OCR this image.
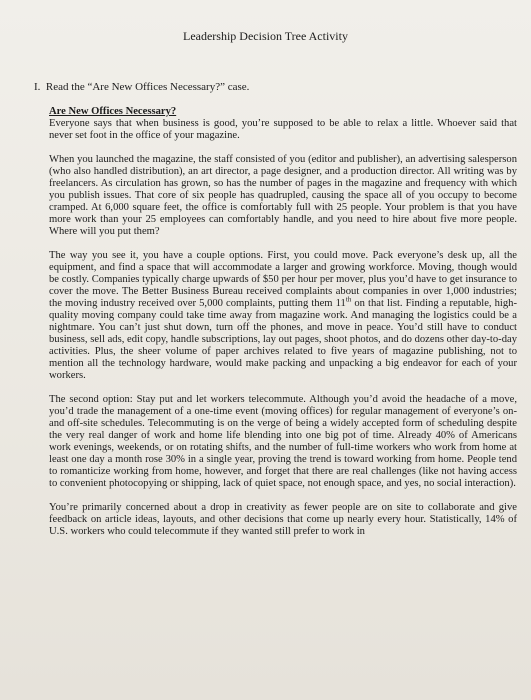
Leadership Decision Tree Activity
I. Read the “Are New Offices Necessary?” case.
Are New Offices Necessary?

Everyone says that when business is good, you’re supposed to be able to relax a little. Whoever said that never set foot in the office of your magazine.

When you launched the magazine, the staff consisted of you (editor and publisher), an advertising salesperson (who also handled distribution), an art director, a page designer, and a production director. All writing was by freelancers. As circulation has grown, so has the number of pages in the magazine and frequency with which you publish issues. That core of six people has quadrupled, causing the space all of you occupy to become cramped. At 6,000 square feet, the office is comfortably full with 25 people. Your problem is that you have more work than your 25 employees can comfortably handle, and you need to hire about five more people. Where will you put them?

The way you see it, you have a couple options. First, you could move. Pack everyone’s desk up, all the equipment, and find a space that will accommodate a larger and growing workforce. Moving, though would be costly. Companies typically charge upwards of $50 per hour per mover, plus you’d have to get insurance to cover the move. The Better Business Bureau received complaints about companies in over 1,000 industries; the moving industry received over 5,000 complaints, putting them 11th on that list. Finding a reputable, high-quality moving company could take time away from magazine work. And managing the logistics could be a nightmare. You can’t just shut down, turn off the phones, and move in peace. You’d still have to conduct business, sell ads, edit copy, handle subscriptions, lay out pages, shoot photos, and do dozens other day-to-day activities. Plus, the sheer volume of paper archives related to five years of magazine publishing, not to mention all the technology hardware, would make packing and unpacking a big endeavor for each of your workers.

The second option: Stay put and let workers telecommute. Although you’d avoid the headache of a move, you’d trade the management of a one-time event (moving offices) for regular management of everyone’s on- and off-site schedules. Telecommuting is on the verge of being a widely accepted form of scheduling despite the very real danger of work and home life blending into one big pot of time. Already 40% of Americans work evenings, weekends, or on rotating shifts, and the number of full-time workers who work from home at least one day a month rose 30% in a single year, proving the trend is toward working from home. People tend to romanticize working from home, however, and forget that there are real challenges (like not having access to convenient photocopying or shipping, lack of quiet space, not enough space, and yes, no social interaction).

You’re primarily concerned about a drop in creativity as fewer people are on site to collaborate and give feedback on article ideas, layouts, and other decisions that come up nearly every hour. Statistically, 14% of U.S. workers who could telecommute if they wanted still prefer to work in
